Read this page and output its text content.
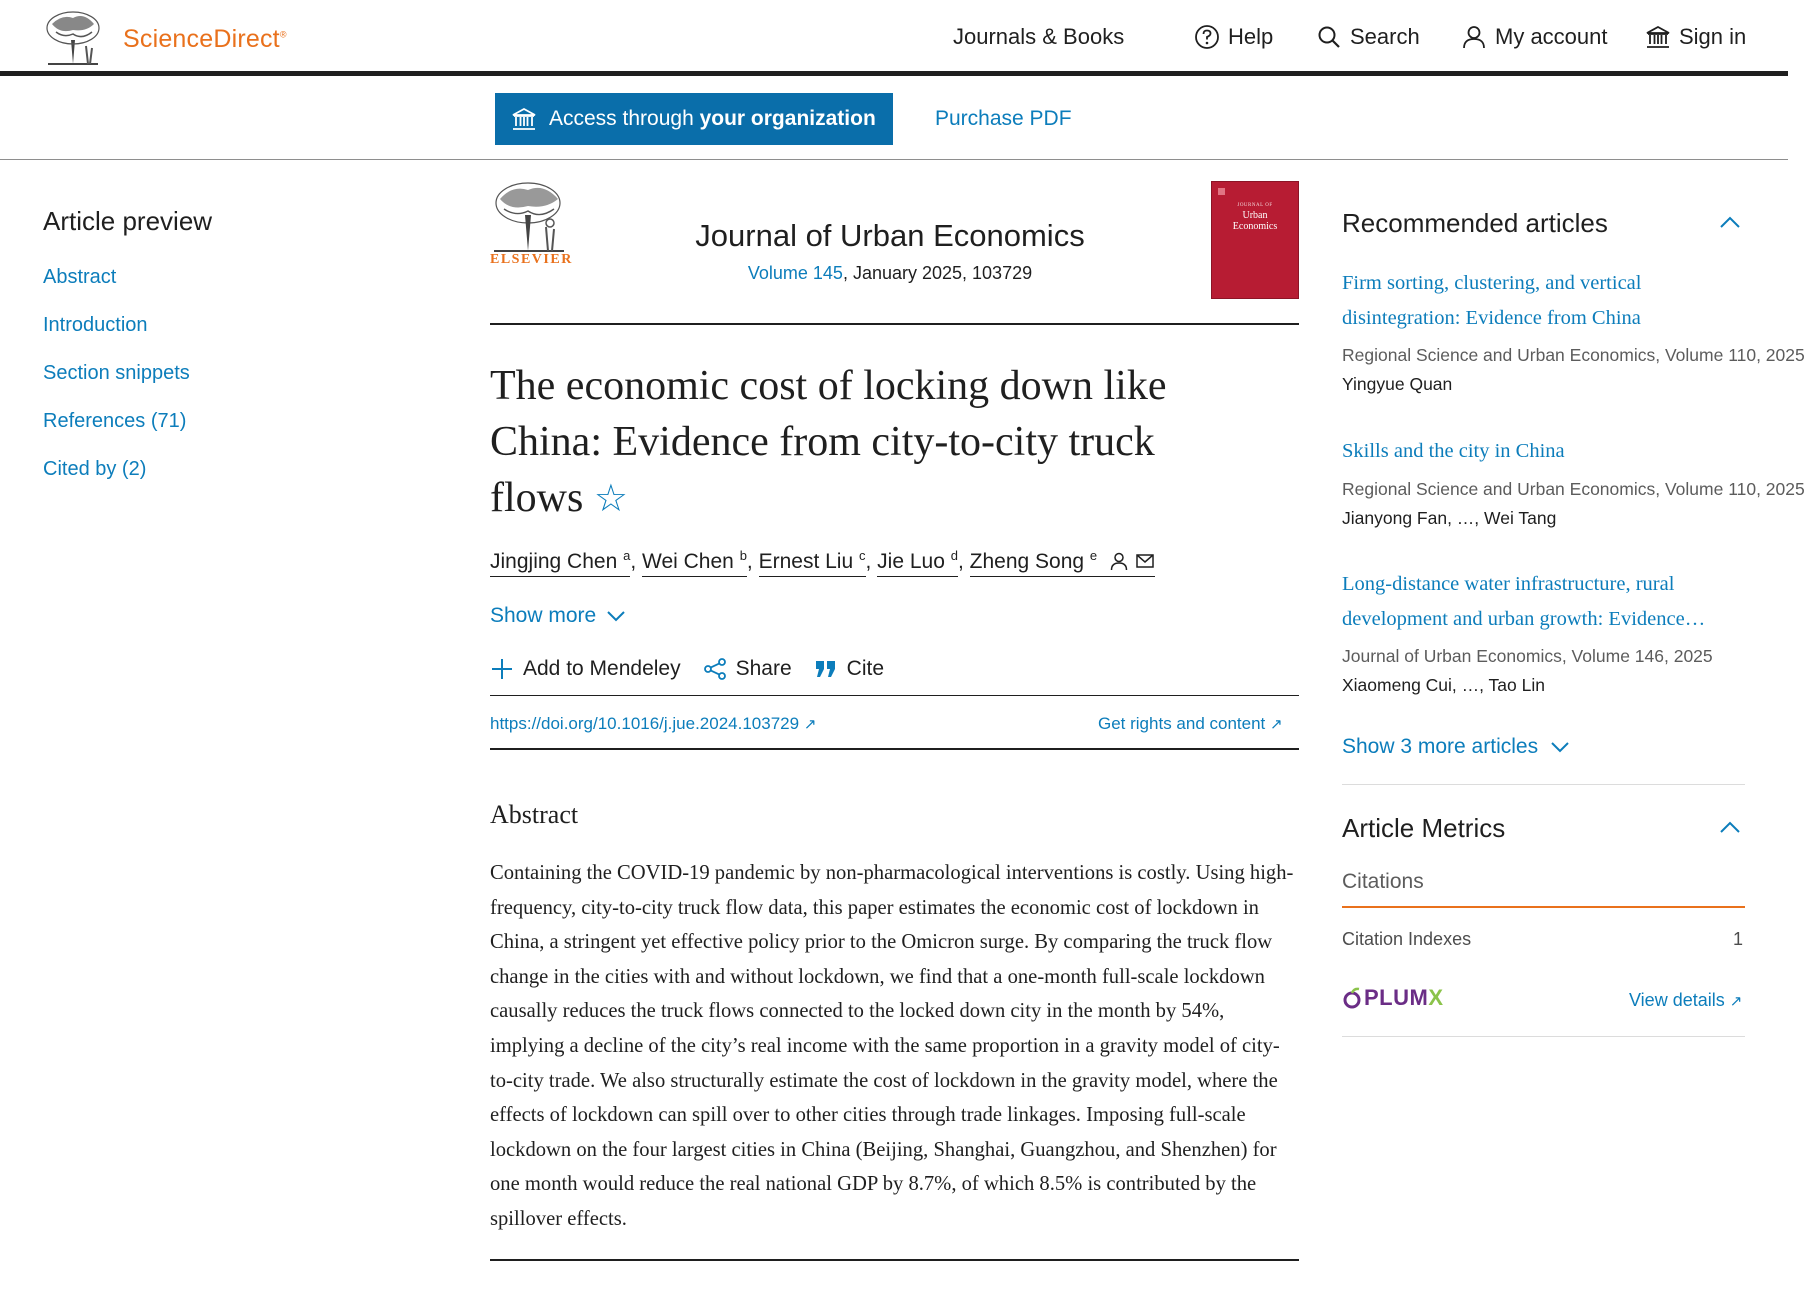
ScienceDirect®	Journals & Books	Help	Search	My account	Sign in
Access through your organization	Purchase PDF
Article preview
Abstract
Introduction
Section snippets
References (71)
Cited by (2)
ELSEVIER
Journal of Urban Economics
Volume 145, January 2025, 103729
JOURNAL OF
Urban
Economics
The economic cost of locking down like China: Evidence from city-to-city truck flows ☆
Jingjing Chen $^a$, Wei Chen $^b$, Ernest Liu $^c$, Jie Luo $^d$, Zheng Song $^e$
Show more
Add to Mendeley	Share	Cite
https://doi.org/10.1016/j.jue.2024.103729 ↗	Get rights and content ↗
Abstract
Containing the COVID-19 pandemic by non-pharmacological interventions is costly. Using high-frequency, city-to-city truck flow data, this paper estimates the economic cost of lockdown in China, a stringent yet effective policy prior to the Omicron surge. By comparing the truck flow change in the cities with and without lockdown, we find that a one-month full-scale lockdown causally reduces the truck flows connected to the locked down city in the month by 54%, implying a decline of the city’s real income with the same proportion in a gravity model of city-to-city trade. We also structurally estimate the cost of lockdown in the gravity model, where the effects of lockdown can spill over to other cities through trade linkages. Imposing full-scale lockdown on the four largest cities in China (Beijing, Shanghai, Guangzhou, and Shenzhen) for one month would reduce the real national GDP by 8.7%, of which 8.5% is contributed by the spillover effects.
Recommended articles
Firm sorting, clustering, and vertical disintegration: Evidence from China
Regional Science and Urban Economics, Volume 110, 2025
Yingyue Quan
Skills and the city in China
Regional Science and Urban Economics, Volume 110, 2025
Jianyong Fan, …, Wei Tang
Long-distance water infrastructure, rural development and urban growth: Evidence…
Journal of Urban Economics, Volume 146, 2025
Xiaomeng Cui, …, Tao Lin
Show 3 more articles
Article Metrics
Citations
Citation Indexes	1
PLUM X	View details ↗
